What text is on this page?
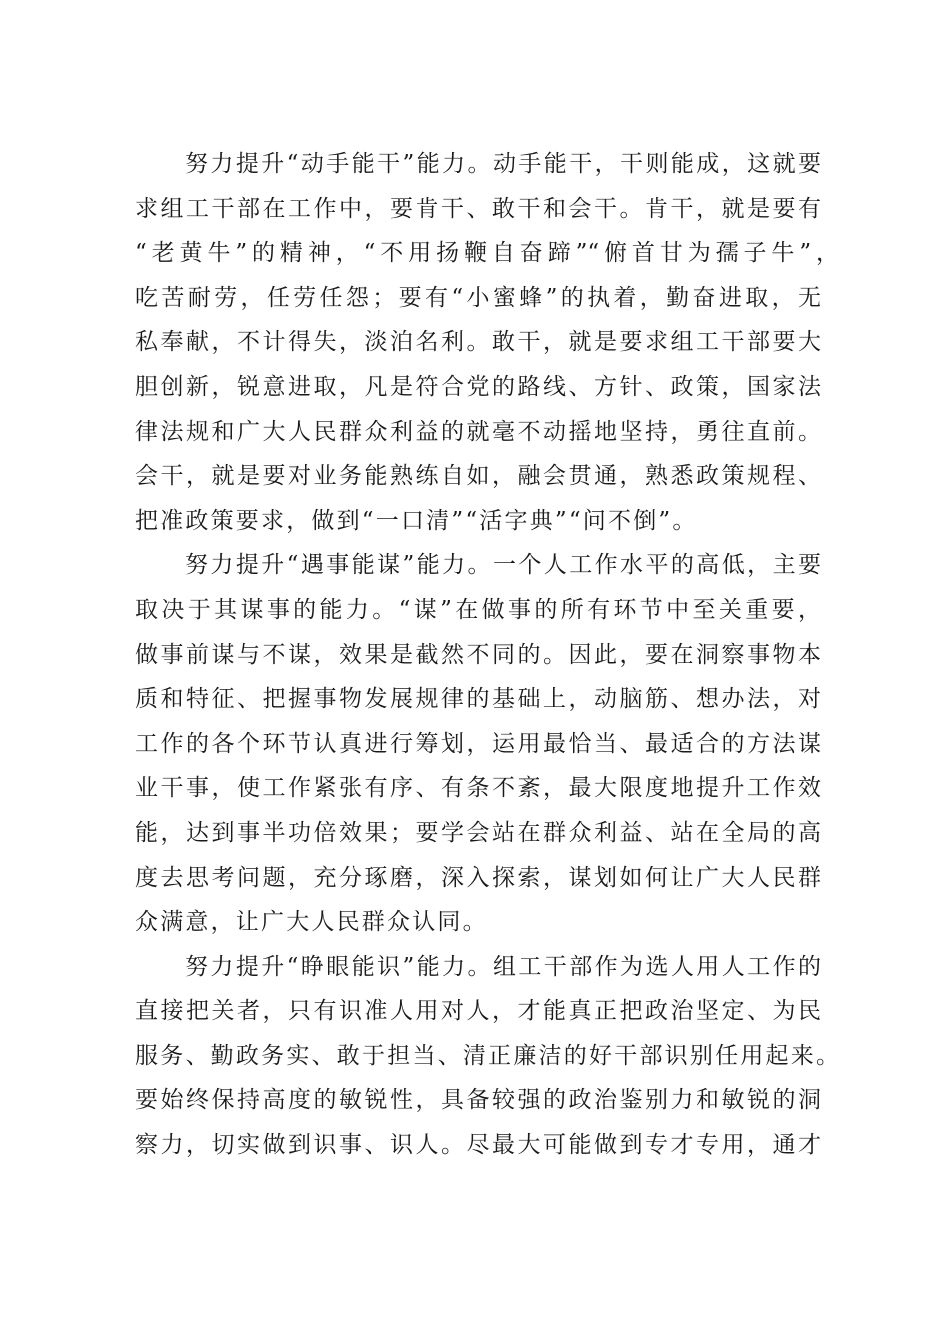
努力提升“动手能干”能力。动手能干，干则能成，这就要
求组工干部在工作中，要肯干、敢干和会干。肯干，就是要有
“老黄牛”的精神，“不用扬鞭自奋蹄”“俯首甘为孺子牛”，
吃苦耐劳，任劳任怨；要有“小蜜蜂”的执着，勤奋进取，无
私奉献，不计得失，淡泊名利。敢干，就是要求组工干部要大
胆创新，锐意进取，凡是符合党的路线、方针、政策，国家法
律法规和广大人民群众利益的就毫不动摇地坚持，勇往直前。
会干，就是要对业务能熟练自如，融会贯通，熟悉政策规程、
把准政策要求，做到“一口清”“活字典”“问不倒”。
努力提升“遇事能谋”能力。一个人工作水平的高低，主要
取决于其谋事的能力。“谋”在做事的所有环节中至关重要，
做事前谋与不谋，效果是截然不同的。因此，要在洞察事物本
质和特征、把握事物发展规律的基础上，动脑筋、想办法，对
工作的各个环节认真进行筹划，运用最恰当、最适合的方法谋
业干事，使工作紧张有序、有条不紊，最大限度地提升工作效
能，达到事半功倍效果；要学会站在群众利益、站在全局的高
度去思考问题，充分琢磨，深入探索，谋划如何让广大人民群
众满意，让广大人民群众认同。
努力提升“睁眼能识”能力。组工干部作为选人用人工作的
直接把关者，只有识准人用对人，才能真正把政治坚定、为民
服务、勤政务实、敢于担当、清正廉洁的好干部识别任用起来。
要始终保持高度的敏锐性，具备较强的政治鉴别力和敏锐的洞
察力，切实做到识事、识人。尽最大可能做到专才专用，通才
